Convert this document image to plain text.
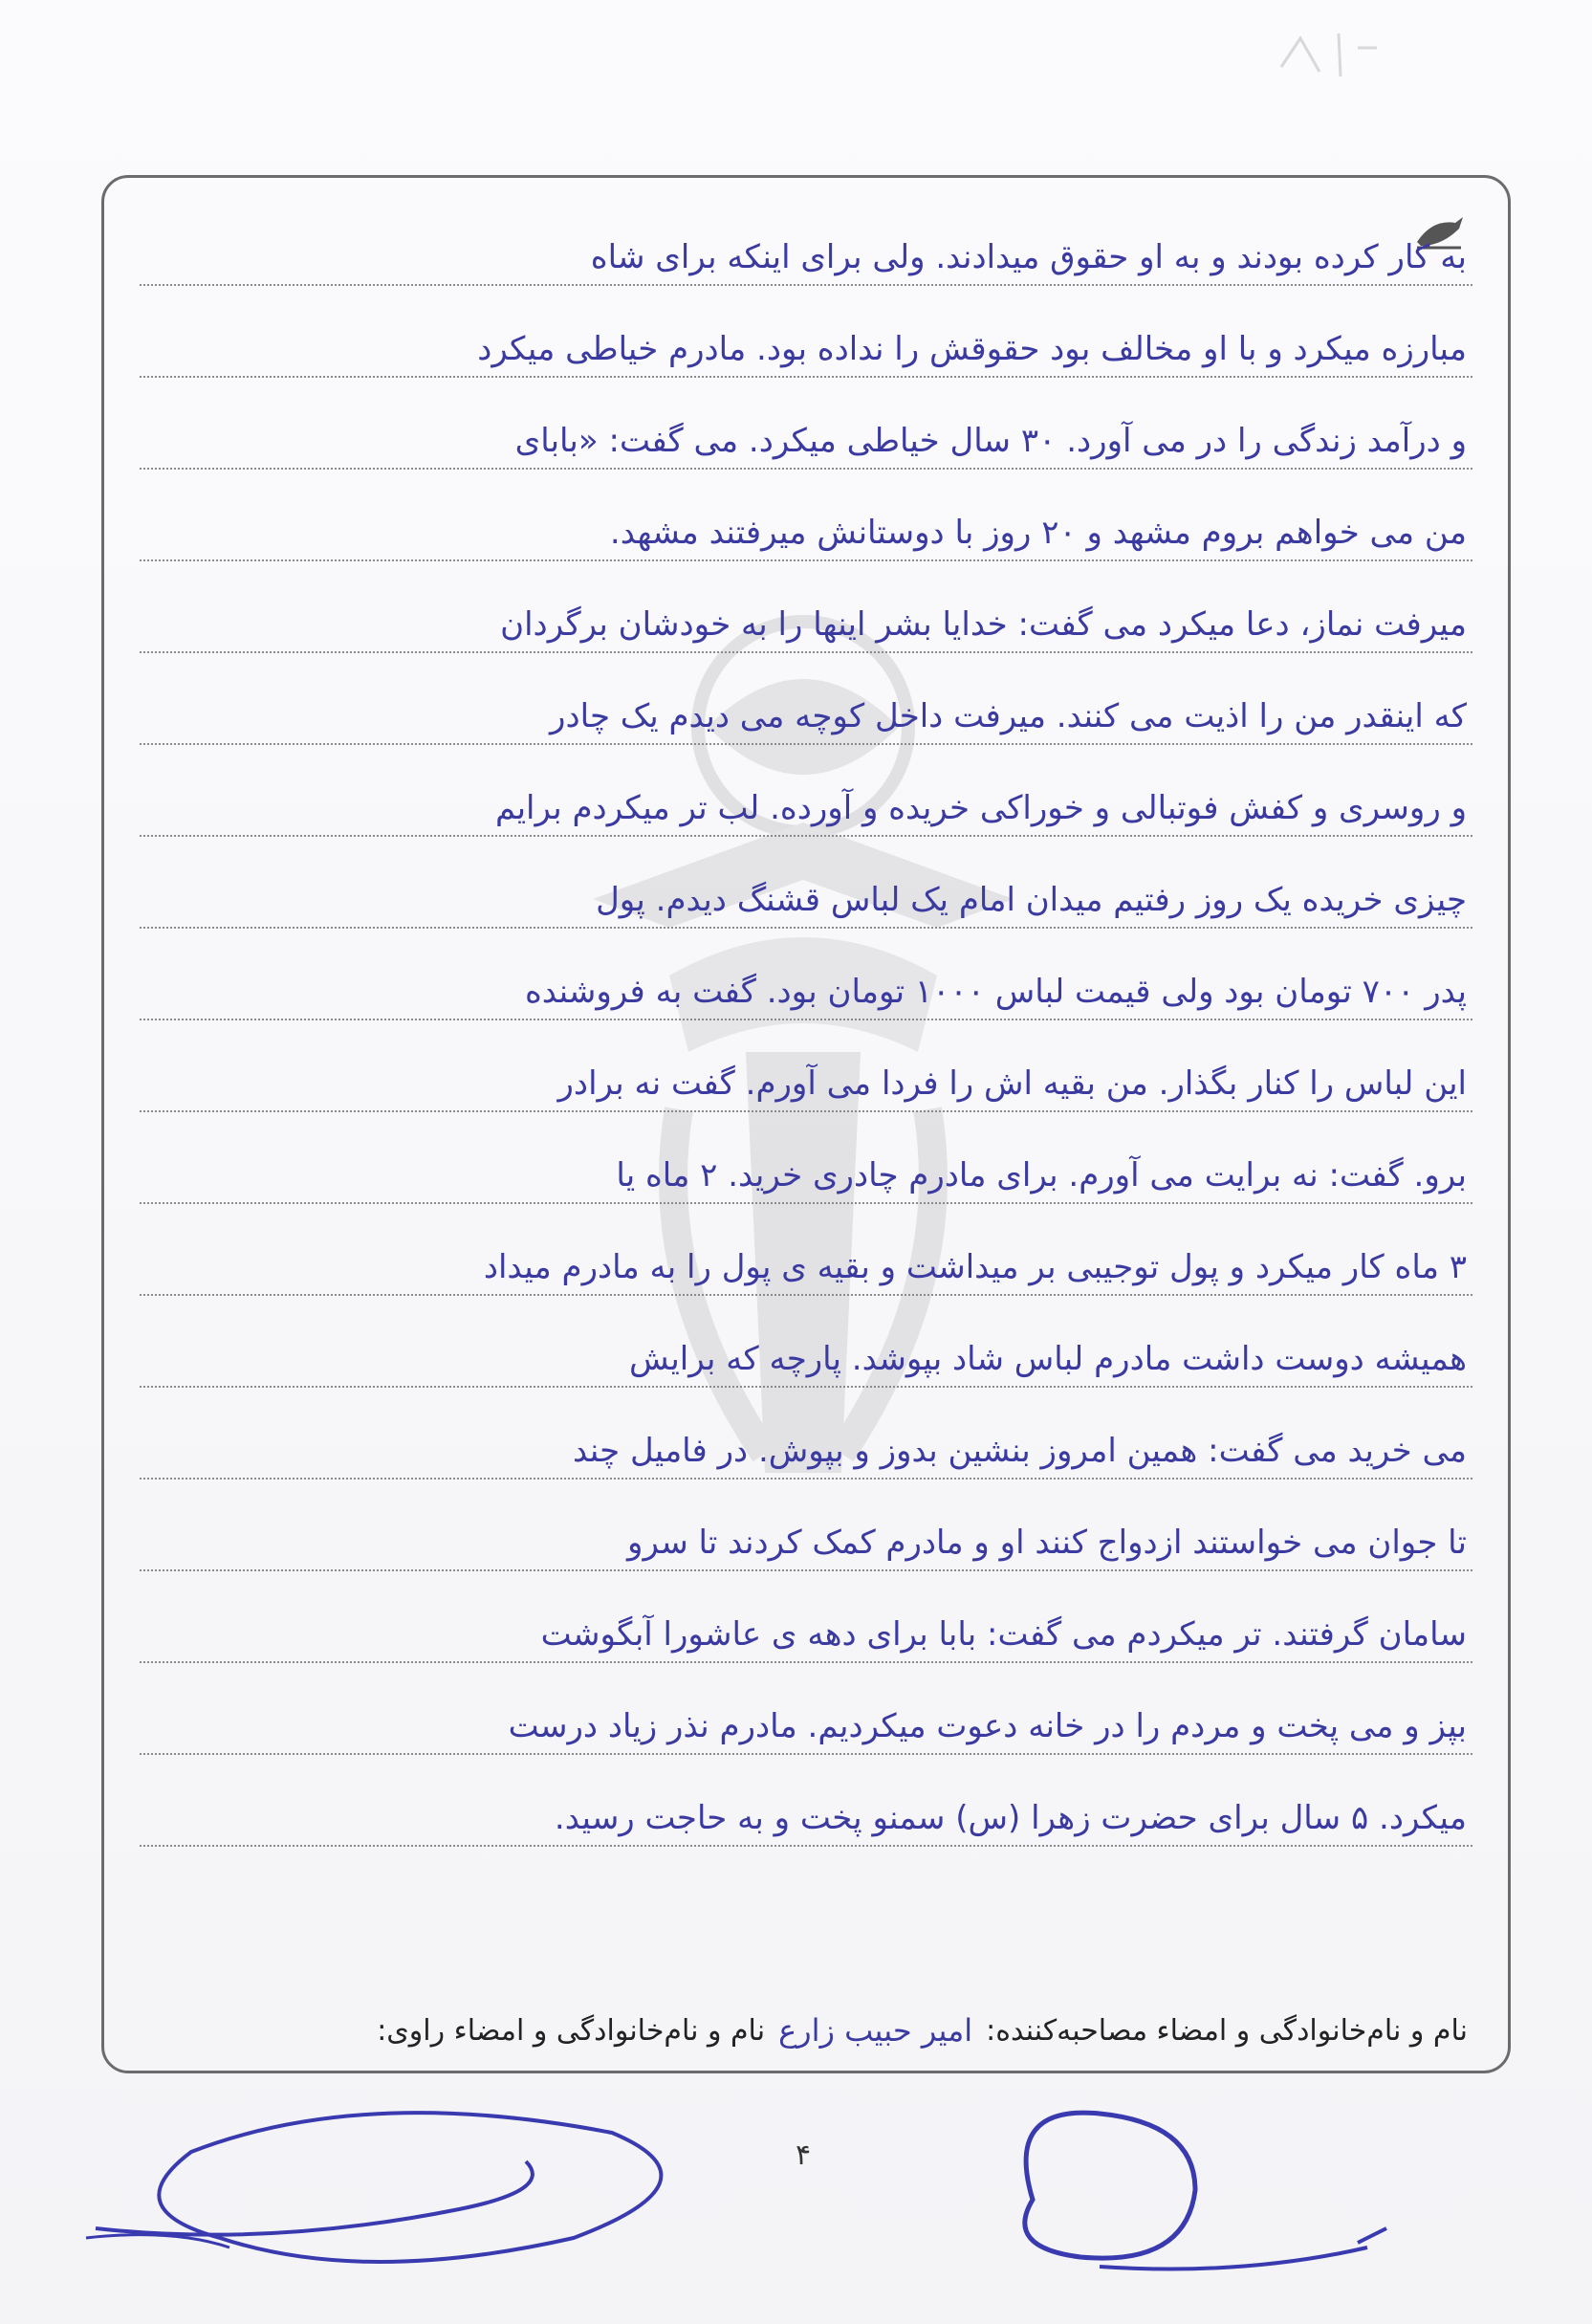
به کار کرده بودند و به او حقوق میدادند. ولی برای اینکه برای شاه
مبارزه میکرد و با او مخالف بود حقوقش را نداده بود. مادرم خیاطی میکرد
و درآمد زندگی را در می آورد. ۳۰ سال خیاطی میکرد. می گفت: «بابای
من می خواهم بروم مشهد و ۲۰ روز با دوستانش میرفتند مشهد.
میرفت نماز، دعا میکرد می گفت: خدایا بشر اینها را به خودشان برگردان
که اینقدر من را اذیت می کنند. میرفت داخل کوچه می دیدم یک چادر
و روسری و کفش فوتبالی و خوراکی خریده و آورده. لب تر میکردم برایم
چیزی خریده یک روز رفتیم میدان امام یک لباس قشنگ دیدم. پول
پدر ۷۰۰ تومان بود ولی قیمت لباس ۱۰۰۰ تومان بود. گفت به فروشنده
این لباس را کنار بگذار. من بقیه اش را فردا می آورم. گفت نه برادر
برو. گفت: نه برایت می آورم. برای مادرم چادری خرید. ۲ ماه یا
۳ ماه کار میکرد و پول توجیبی بر میداشت و بقیه ی پول را به مادرم میداد
همیشه دوست داشت مادرم لباس شاد بپوشد. پارچه که برایش
می خرید می گفت: همین امروز بنشین بدوز و بپوش. در فامیل چند
تا جوان می خواستند ازدواج کنند او و مادرم کمک کردند تا سرو
سامان گرفتند. تر میکردم می گفت: بابا برای دهه ی عاشورا آبگوشت
بپز و می پخت و مردم را در خانه دعوت میکردیم. مادرم نذر زیاد درست
میکرد. ۵ سال برای حضرت زهرا (س) سمنو پخت و به حاجت رسید.
نام و نام‌خانوادگی و امضاء مصاحبه‌کننده:
امیر حبیب زارع
نام و نام‌خانوادگی و امضاء راوی:
۴
